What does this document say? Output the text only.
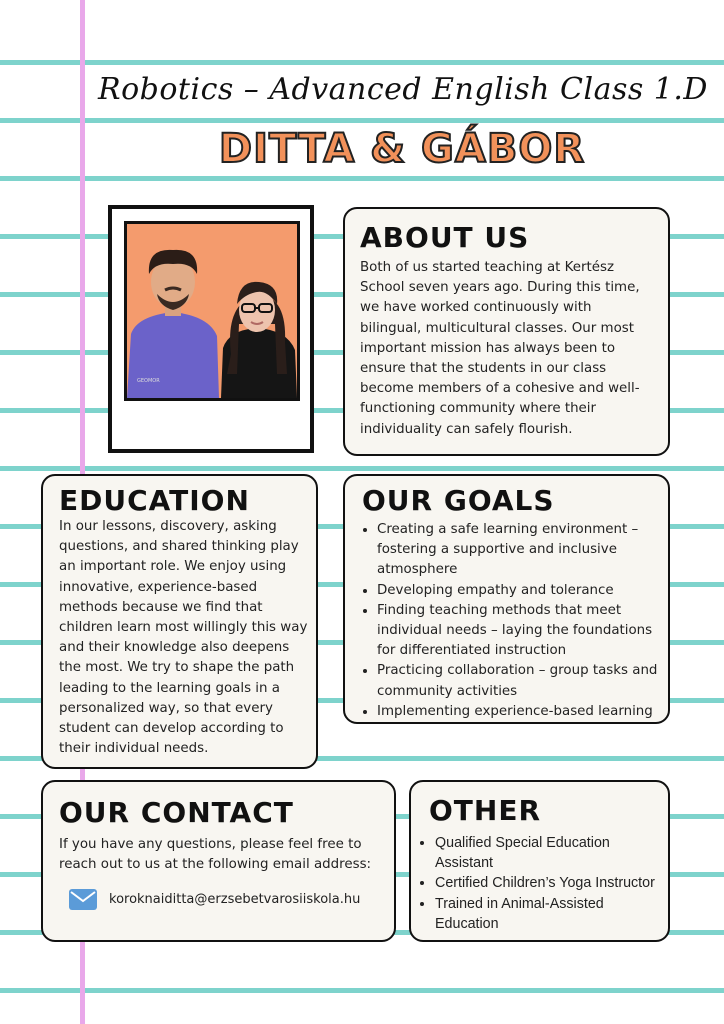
Robotics – Advanced English Class 1.D
DITTA & GÁBOR
GEOMOR
ABOUT US

Both of us started teaching at Kertész School seven years ago. During this time, we have worked continuously with bilingual, multicultural classes. Our most important mission has always been to ensure that the students in our class become members of a cohesive and well-functioning community where their individuality can safely flourish.

EDUCATION

In our lessons, discovery, asking questions, and shared thinking play an important role. We enjoy using innovative, experience-based methods because we find that children learn most willingly this way and their knowledge also deepens the most. We try to shape the path leading to the learning goals in a personalized way, so that every student can develop according to their individual needs.

OUR GOALS
• Creating a safe learning environment – fostering a supportive and inclusive atmosphere
• Developing empathy and tolerance
• Finding teaching methods that meet individual needs – laying the foundations for differentiated instruction
• Practicing collaboration – group tasks and community activities
• Implementing experience-based learning
OUR CONTACT

If you have any questions, please feel free to reach out to us at the following email address:

koroknaiditta@erzsebetvarosiiskola.hu
OTHER
• Qualified Special Education Assistant
• Certified Children’s Yoga Instructor
• Trained in Animal-Assisted Education
